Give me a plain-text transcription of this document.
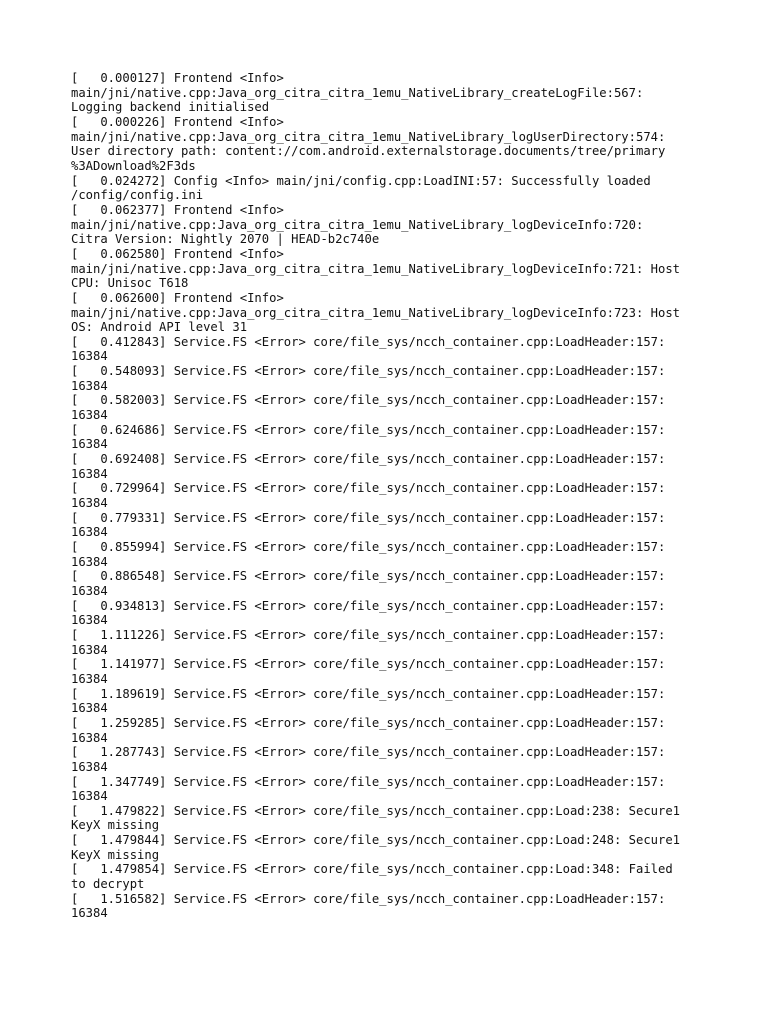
[   0.000127] Frontend <Info>
main/jni/native.cpp:Java_org_citra_citra_1emu_NativeLibrary_createLogFile:567:
Logging backend initialised
[   0.000226] Frontend <Info>
main/jni/native.cpp:Java_org_citra_citra_1emu_NativeLibrary_logUserDirectory:574:
User directory path: content://com.android.externalstorage.documents/tree/primary
%3ADownload%2F3ds
[   0.024272] Config <Info> main/jni/config.cpp:LoadINI:57: Successfully loaded
/config/config.ini
[   0.062377] Frontend <Info>
main/jni/native.cpp:Java_org_citra_citra_1emu_NativeLibrary_logDeviceInfo:720:
Citra Version: Nightly 2070 | HEAD-b2c740e
[   0.062580] Frontend <Info>
main/jni/native.cpp:Java_org_citra_citra_1emu_NativeLibrary_logDeviceInfo:721: Host
CPU: Unisoc T618
[   0.062600] Frontend <Info>
main/jni/native.cpp:Java_org_citra_citra_1emu_NativeLibrary_logDeviceInfo:723: Host
OS: Android API level 31
[   0.412843] Service.FS <Error> core/file_sys/ncch_container.cpp:LoadHeader:157:
16384
[   0.548093] Service.FS <Error> core/file_sys/ncch_container.cpp:LoadHeader:157:
16384
[   0.582003] Service.FS <Error> core/file_sys/ncch_container.cpp:LoadHeader:157:
16384
[   0.624686] Service.FS <Error> core/file_sys/ncch_container.cpp:LoadHeader:157:
16384
[   0.692408] Service.FS <Error> core/file_sys/ncch_container.cpp:LoadHeader:157:
16384
[   0.729964] Service.FS <Error> core/file_sys/ncch_container.cpp:LoadHeader:157:
16384
[   0.779331] Service.FS <Error> core/file_sys/ncch_container.cpp:LoadHeader:157:
16384
[   0.855994] Service.FS <Error> core/file_sys/ncch_container.cpp:LoadHeader:157:
16384
[   0.886548] Service.FS <Error> core/file_sys/ncch_container.cpp:LoadHeader:157:
16384
[   0.934813] Service.FS <Error> core/file_sys/ncch_container.cpp:LoadHeader:157:
16384
[   1.111226] Service.FS <Error> core/file_sys/ncch_container.cpp:LoadHeader:157:
16384
[   1.141977] Service.FS <Error> core/file_sys/ncch_container.cpp:LoadHeader:157:
16384
[   1.189619] Service.FS <Error> core/file_sys/ncch_container.cpp:LoadHeader:157:
16384
[   1.259285] Service.FS <Error> core/file_sys/ncch_container.cpp:LoadHeader:157:
16384
[   1.287743] Service.FS <Error> core/file_sys/ncch_container.cpp:LoadHeader:157:
16384
[   1.347749] Service.FS <Error> core/file_sys/ncch_container.cpp:LoadHeader:157:
16384
[   1.479822] Service.FS <Error> core/file_sys/ncch_container.cpp:Load:238: Secure1
KeyX missing
[   1.479844] Service.FS <Error> core/file_sys/ncch_container.cpp:Load:248: Secure1
KeyX missing
[   1.479854] Service.FS <Error> core/file_sys/ncch_container.cpp:Load:348: Failed
to decrypt
[   1.516582] Service.FS <Error> core/file_sys/ncch_container.cpp:LoadHeader:157:
16384
